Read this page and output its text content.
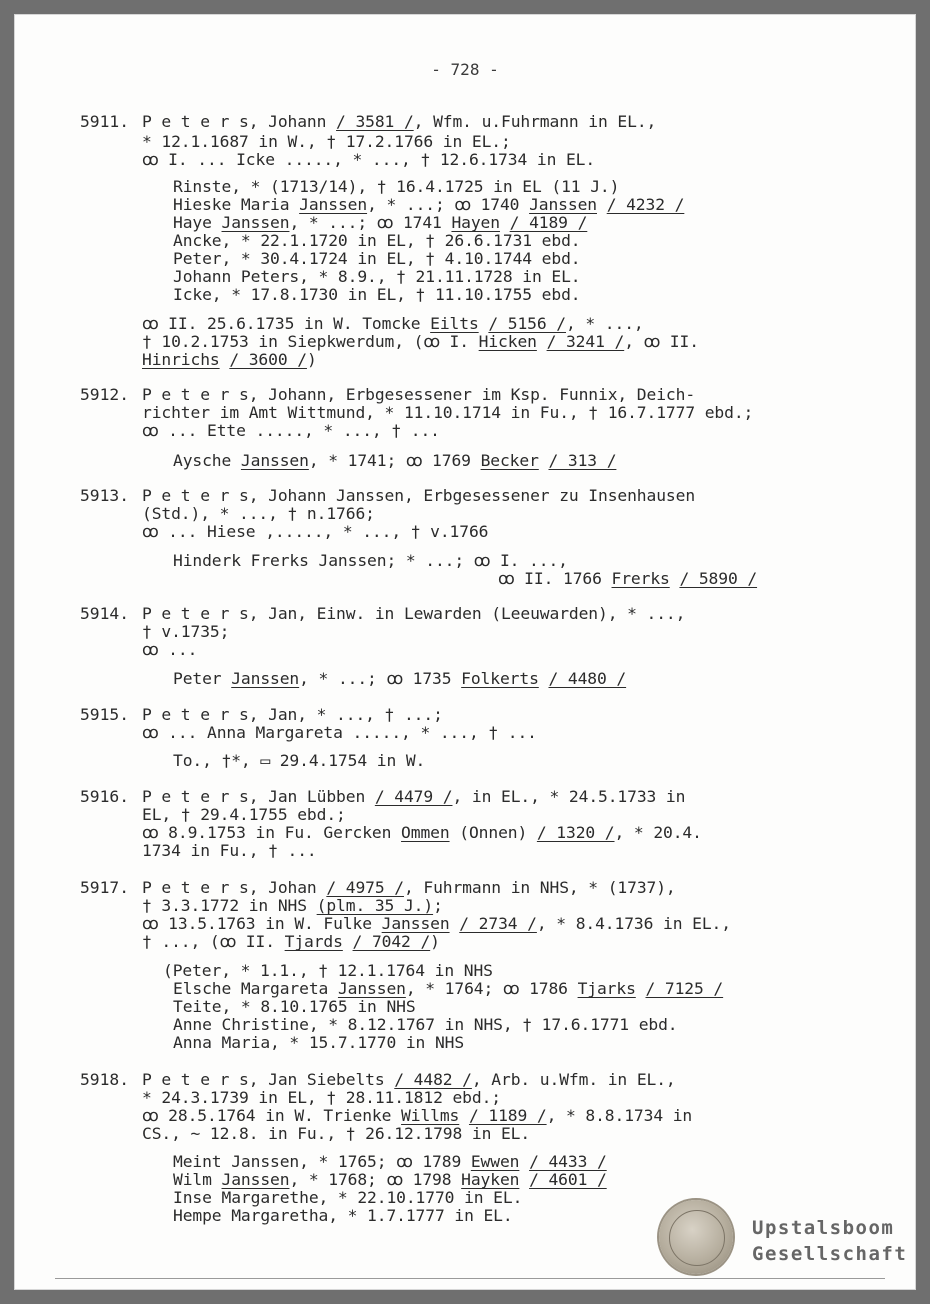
- 728 -
5911. P e t e r s, Johann / 3581 /, Wfm. u.Fuhrmann in EL.,
* 12.1.1687 in W., † 17.2.1766 in EL.;
ꝏ I. ... Icke ....., * ..., † 12.6.1734 in EL.
Rinste, * (1713/14), † 16.4.1725 in EL (11 J.)
Hieske Maria Janssen, * ...; ꝏ 1740 Janssen / 4232 /
Haye Janssen, * ...; ꝏ 1741 Hayen / 4189 /
Ancke, * 22.1.1720 in EL, † 26.6.1731 ebd.
Peter, * 30.4.1724 in EL, † 4.10.1744 ebd.
Johann Peters, * 8.9., † 21.11.1728 in EL.
Icke, * 17.8.1730 in EL, † 11.10.1755 ebd.
ꝏ II. 25.6.1735 in W. Tomcke Eilts / 5156 /, * ...,
† 10.2.1753 in Siepkwerdum, (ꝏ I. Hicken / 3241 /, ꝏ II.
Hinrichs / 3600 /)
5912. P e t e r s, Johann, Erbgesessener im Ksp. Funnix, Deich-
richter im Amt Wittmund, * 11.10.1714 in Fu., † 16.7.1777 ebd.;
ꝏ ... Ette ....., * ..., † ...
Aysche Janssen, * 1741; ꝏ 1769 Becker / 313 /
5913. P e t e r s, Johann Janssen, Erbgesessener zu Insenhausen
(Std.), * ..., † n.1766;
ꝏ ... Hiese ,....., * ..., † v.1766
Hinderk Frerks Janssen; * ...; ꝏ I. ...,
ꝏ II. 1766 Frerks / 5890 /
5914. P e t e r s, Jan, Einw. in Lewarden (Leeuwarden), * ...,
† v.1735;
ꝏ ...
Peter Janssen, * ...; ꝏ 1735 Folkerts / 4480 /
5915. P e t e r s, Jan, * ..., † ...;
ꝏ ... Anna Margareta ....., * ..., † ...
To., †*, ▭ 29.4.1754 in W.
5916. P e t e r s, Jan Lübben / 4479 /, in EL., * 24.5.1733 in
EL, † 29.4.1755 ebd.;
ꝏ 8.9.1753 in Fu. Gercken Ommen (Onnen) / 1320 /, * 20.4.
1734 in Fu., † ...
5917. P e t e r s, Johan / 4975 /, Fuhrmann in NHS, * (1737),
† 3.3.1772 in NHS (plm. 35 J.);
ꝏ 13.5.1763 in W. Fulke Janssen / 2734 /, * 8.4.1736 in EL.,
† ..., (ꝏ II. Tjards / 7042 /)
(Peter, * 1.1., † 12.1.1764 in NHS
Elsche Margareta Janssen, * 1764; ꝏ 1786 Tjarks / 7125 /
Teite, * 8.10.1765 in NHS
Anne Christine, * 8.12.1767 in NHS, † 17.6.1771 ebd.
Anna Maria, * 15.7.1770 in NHS
5918. P e t e r s, Jan Siebelts / 4482 /, Arb. u.Wfm. in EL.,
* 24.3.1739 in EL, † 28.11.1812 ebd.;
ꝏ 28.5.1764 in W. Trienke Willms / 1189 /, * 8.8.1734 in
CS., ~ 12.8. in Fu., † 26.12.1798 in EL.
Meint Janssen, * 1765; ꝏ 1789 Ewwen / 4433 /
Wilm Janssen, * 1768; ꝏ 1798 Hayken / 4601 /
Inse Margarethe, * 22.10.1770 in EL.
Hempe Margaretha, * 1.7.1777 in EL.
Upstalsboom
Gesellschaft
